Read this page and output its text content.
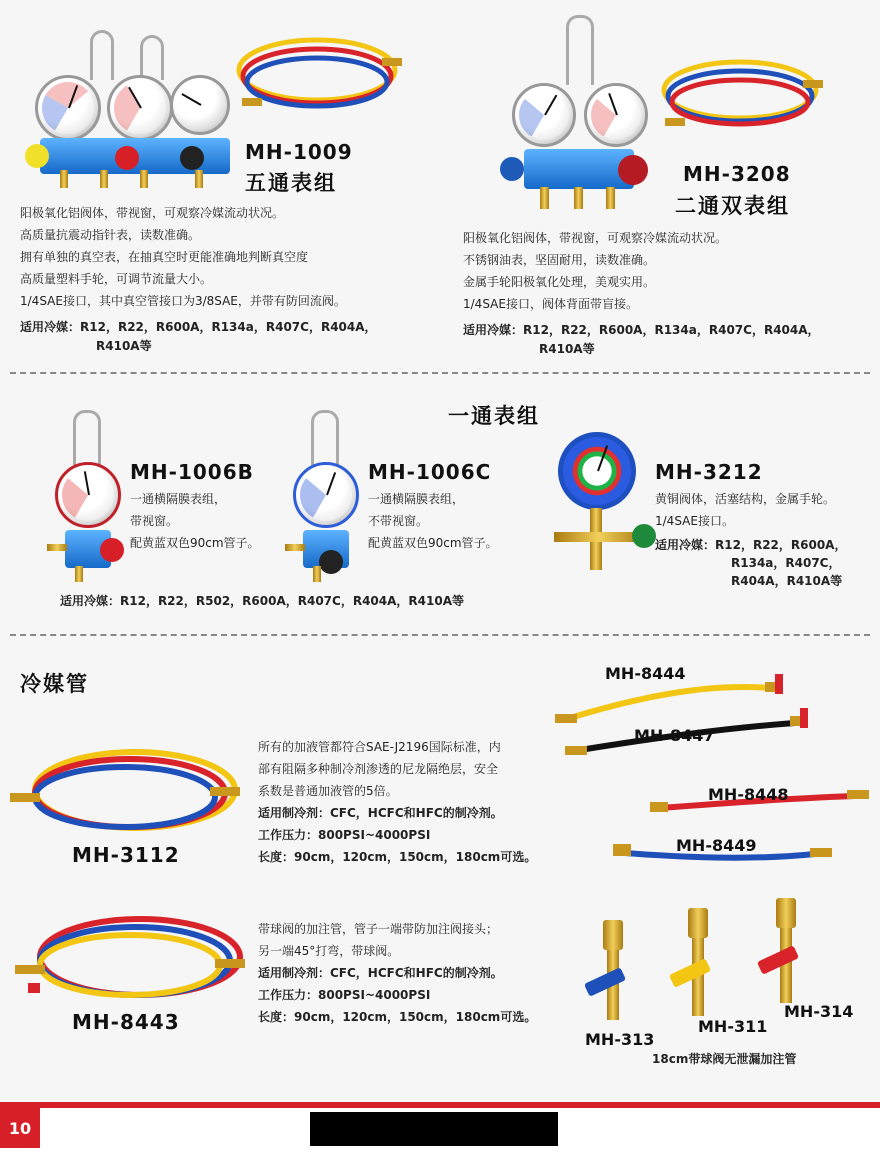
MH-1009
五通表组
阳极氧化铝阀体，带视窗，可观察冷媒流动状况。
高质量抗震动指针表，读数准确。
拥有单独的真空表，在抽真空时更能准确地判断真空度
高质量塑料手轮，可调节流量大小。
1/4SAE接口，其中真空管接口为3/8SAE，并带有防回流阀。
适用冷媒：R12，R22，R600A，R134a，R407C，R404A，
R410A等
MH-3208
二通双表组
阳极氧化铝阀体，带视窗，可观察冷媒流动状况。
不锈钢油表，坚固耐用，读数准确。
金属手轮阳极氧化处理，美观实用。
1/4SAE接口，阀体背面带盲接。
适用冷媒：R12，R22，R600A，R134a，R407C，R404A，
R410A等
一通表组
MH-1006B
一通横隔膜表组，
带视窗。
配黄蓝双色90cm管子。
MH-1006C
一通横隔膜表组，
不带视窗。
配黄蓝双色90cm管子。
MH-3212
黄铜阀体，活塞结构，金属手轮。
1/4SAE接口。
适用冷媒：R12，R22，R600A，
R134a，R407C，
R404A，R410A等
适用冷媒：R12，R22，R502，R600A，R407C，R404A，R410A等
冷媒管
MH-3112
所有的加液管都符合SAE-J2196国际标准，内
部有阻隔多种制冷剂渗透的尼龙隔绝层，安全
系数是普通加液管的5倍。
适用制冷剂：CFC，HCFC和HFC的制冷剂。
工作压力：800PSI~4000PSI
长度：90cm，120cm，150cm，180cm可选。
MH-8443
带球阀的加注管，管子一端带防加注阀接头；
另一端45°打弯，带球阀。
适用制冷剂：CFC，HCFC和HFC的制冷剂。
工作压力：800PSI~4000PSI
长度：90cm，120cm，150cm，180cm可选。
MH-8444
MH-8447
MH-8448
MH-8449
MH-313
MH-311
MH-314
18cm带球阀无泄漏加注管
10
